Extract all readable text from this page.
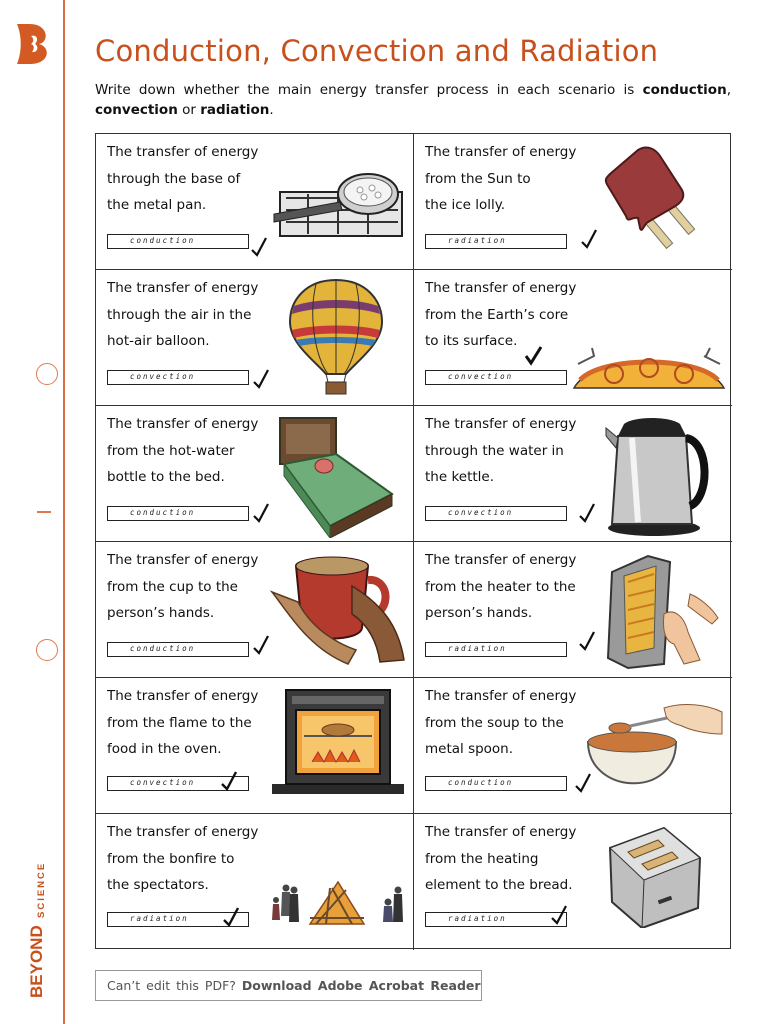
BEYOND
SCIENCE
Conduction, Convection and Radiation

Write down whether the main energy transfer process in each scenario is conduction, convection or radiation.

The transfer of energy
through the base of
the metal pan.
conduction
The transfer of energy
from the Sun to
the ice lolly.
radiation
The transfer of energy
through the air in the
hot-air balloon.
convection
The transfer of energy
from the Earth’s core
to its surface.
convection
The transfer of energy
from the hot-water
bottle to the bed.
conduction
The transfer of energy
through the water in
the kettle.
convection
The transfer of energy
from the cup to the
person’s hands.
conduction
The transfer of energy
from the heater to the
person’s hands.
radiation
The transfer of energy
from the flame to the
food in the oven.
convection
The transfer of energy
from the soup to the
metal spoon.
conduction
The transfer of energy
from the bonfire to
the spectators.
radiation
The transfer of energy
from the heating
element to the bread.
radiation
Can’t edit this PDF? Download Adobe Acrobat Reader
